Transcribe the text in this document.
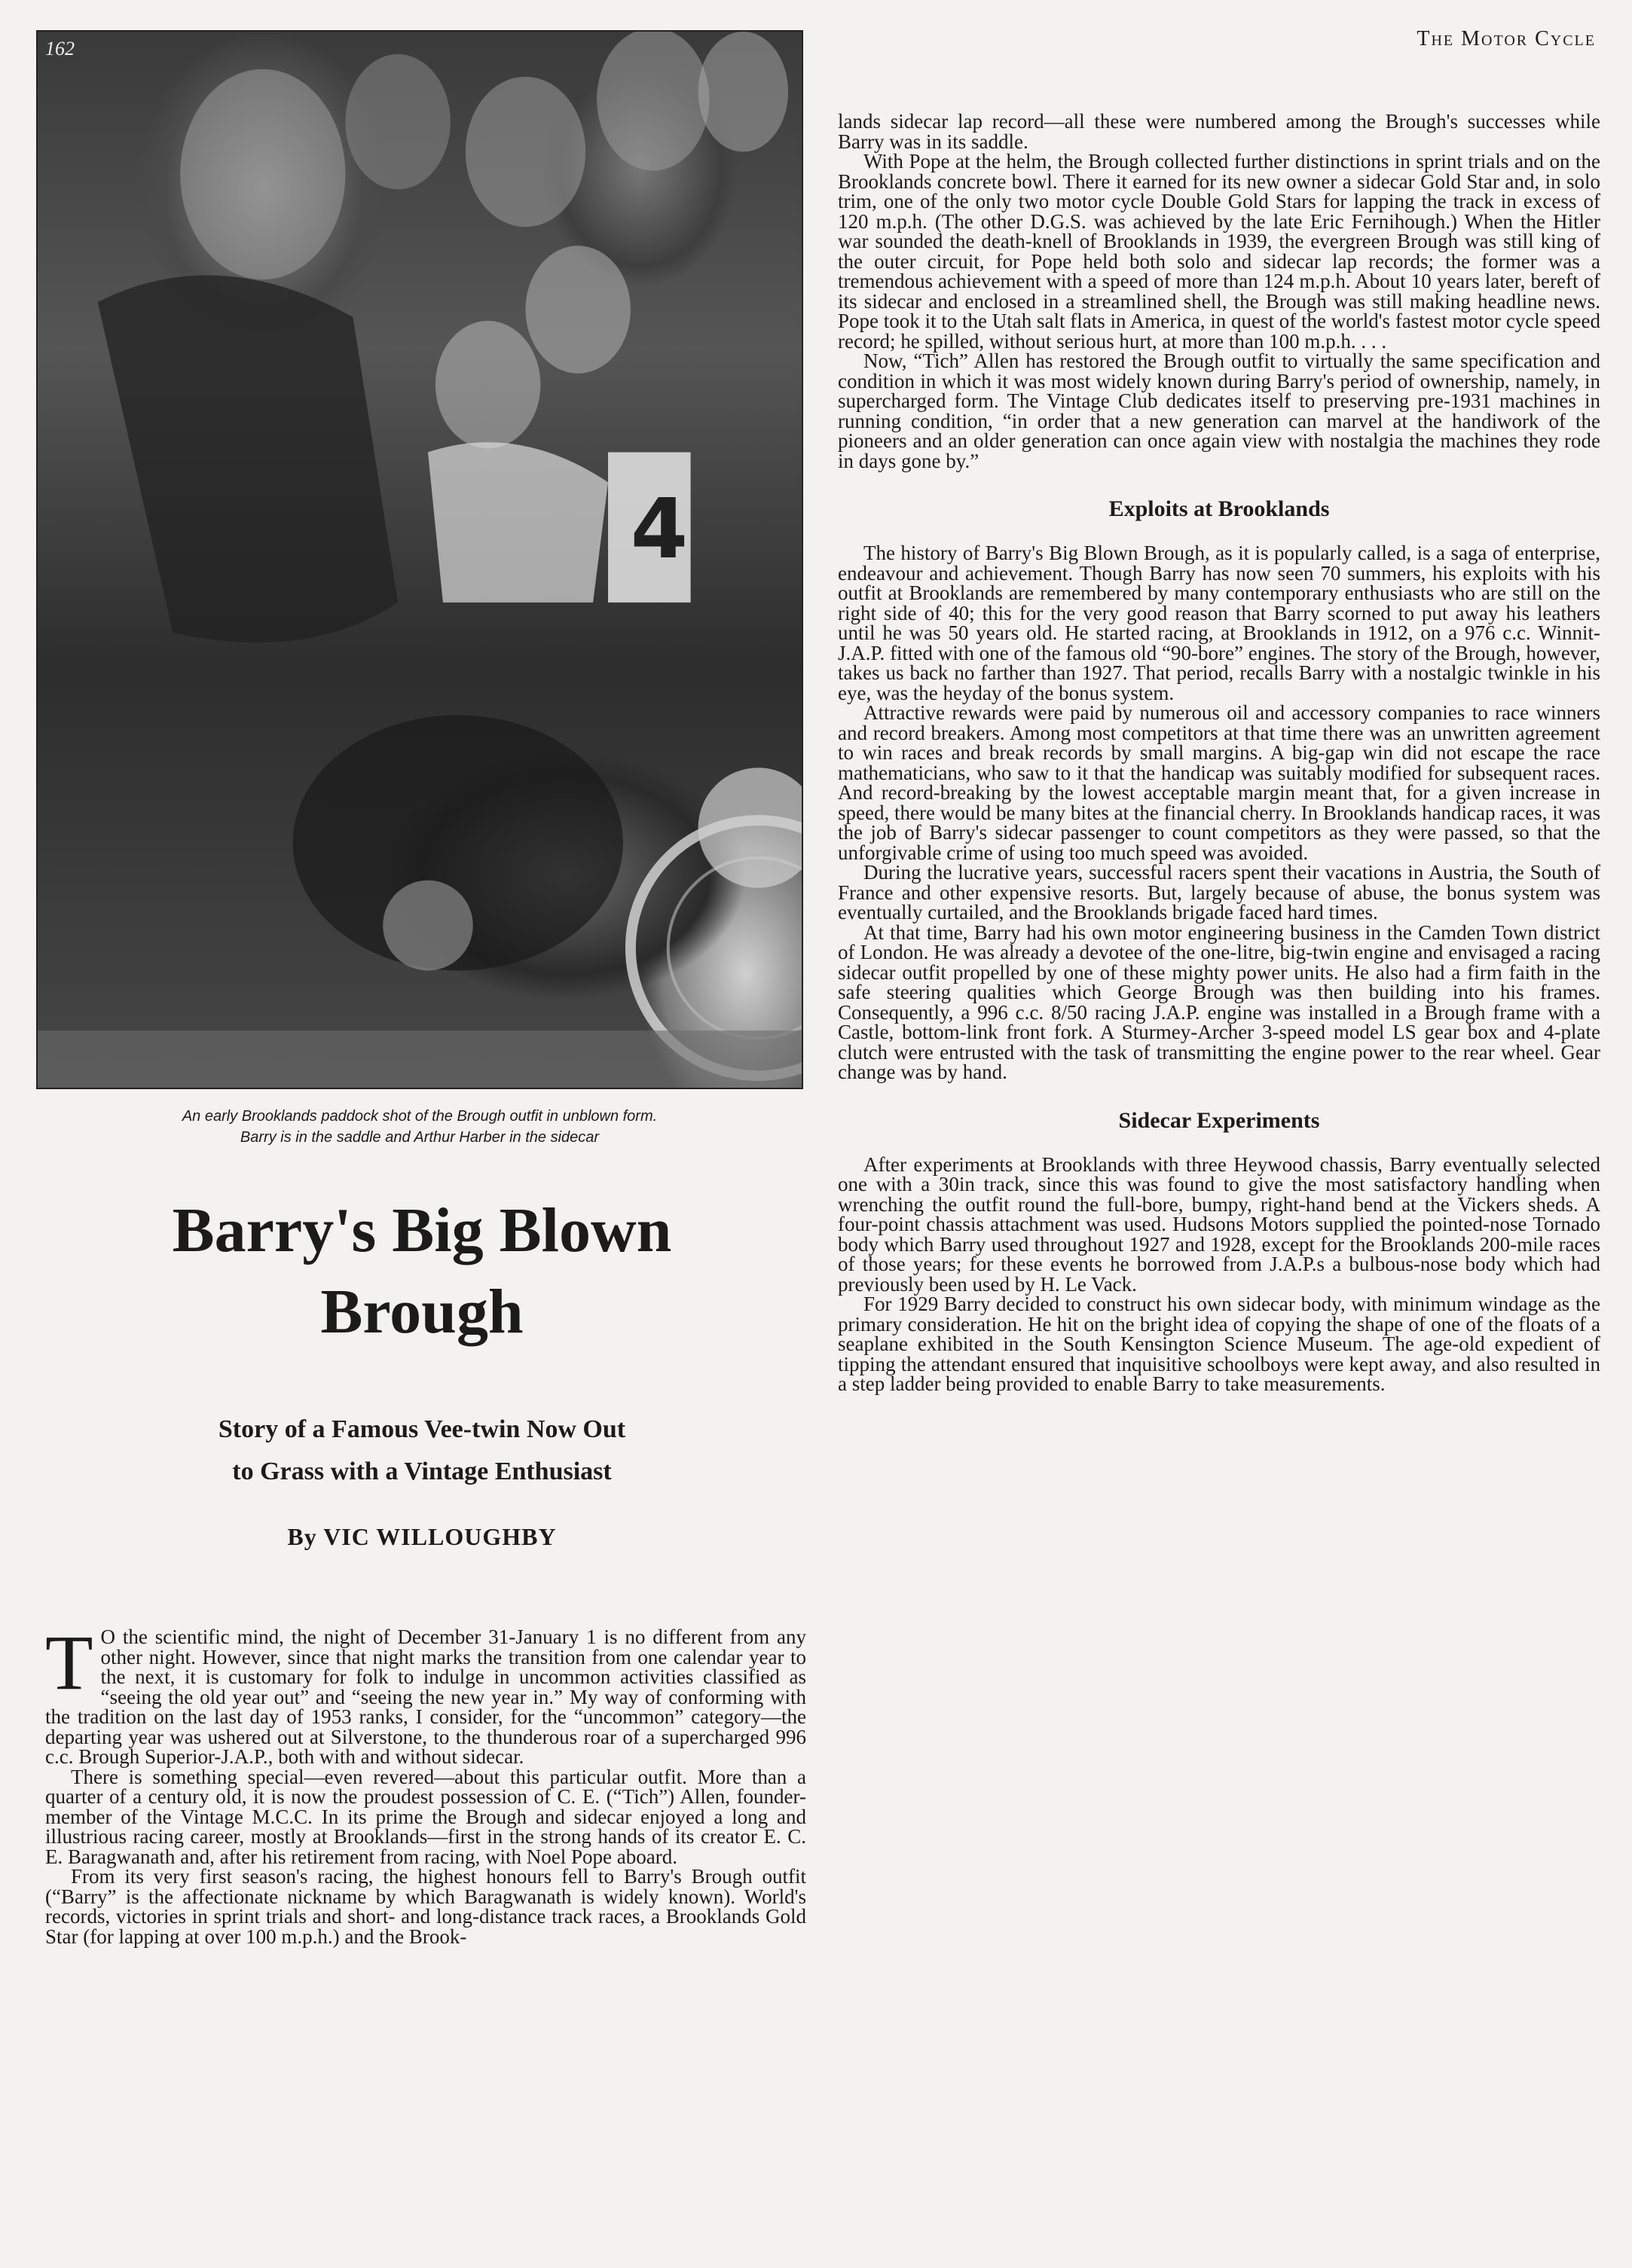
The Motor Cycle
4
162
An early Brooklands paddock shot of the Brough outfit in unblown form.
Barry is in the saddle and Arthur Harber in the sidecar
Barry's Big Blown
Brough
Story of a Famous Vee-twin Now Out
to Grass with a Vintage Enthusiast
By VIC WILLOUGHBY

T O the scientific mind, the night of December 31-January 1 is no different from any other night. However, since that night marks the transition from one calendar year to the next, it is customary for folk to indulge in uncommon activities classified as “seeing the old year out” and “seeing the new year in.” My way of conforming with the tradition on the last day of 1953 ranks, I consider, for the “uncommon” category—the departing year was ushered out at Silverstone, to the thunderous roar of a supercharged 996 c.c. Brough Superior-J.A.P., both with and without sidecar.

There is something special—even revered—about this particular outfit. More than a quarter of a century old, it is now the proudest possession of C. E. (“Tich”) Allen, founder-member of the Vintage M.C.C. In its prime the Brough and sidecar enjoyed a long and illustrious racing career, mostly at Brooklands—first in the strong hands of its creator E. C. E. Baragwanath and, after his retirement from racing, with Noel Pope aboard.

From its very first season's racing, the highest honours fell to Barry's Brough outfit (“Barry” is the affectionate nickname by which Baragwanath is widely known). World's records, victories in sprint trials and short- and long-distance track races, a Brooklands Gold Star (for lapping at over 100 m.p.h.) and the Brook-

lands sidecar lap record—all these were numbered among the Brough's successes while Barry was in its saddle.

With Pope at the helm, the Brough collected further distinctions in sprint trials and on the Brooklands concrete bowl. There it earned for its new owner a sidecar Gold Star and, in solo trim, one of the only two motor cycle Double Gold Stars for lapping the track in excess of 120 m.p.h. (The other D.G.S. was achieved by the late Eric Fernihough.) When the Hitler war sounded the death-knell of Brooklands in 1939, the evergreen Brough was still king of the outer circuit, for Pope held both solo and sidecar lap records; the former was a tremendous achievement with a speed of more than 124 m.p.h. About 10 years later, bereft of its sidecar and enclosed in a streamlined shell, the Brough was still making headline news. Pope took it to the Utah salt flats in America, in quest of the world's fastest motor cycle speed record; he spilled, without serious hurt, at more than 100 m.p.h. . . .

Now, “Tich” Allen has restored the Brough outfit to virtually the same specification and condition in which it was most widely known during Barry's period of ownership, namely, in supercharged form. The Vintage Club dedicates itself to preserving pre-1931 machines in running condition, “in order that a new generation can marvel at the handiwork of the pioneers and an older generation can once again view with nostalgia the machines they rode in days gone by.”

Exploits at Brooklands

The history of Barry's Big Blown Brough, as it is popularly called, is a saga of enterprise, endeavour and achievement. Though Barry has now seen 70 summers, his exploits with his outfit at Brooklands are remembered by many contemporary enthusiasts who are still on the right side of 40; this for the very good reason that Barry scorned to put away his leathers until he was 50 years old. He started racing, at Brooklands in 1912, on a 976 c.c. Winnit-J.A.P. fitted with one of the famous old “90-bore” engines. The story of the Brough, however, takes us back no farther than 1927. That period, recalls Barry with a nostalgic twinkle in his eye, was the heyday of the bonus system.

Attractive rewards were paid by numerous oil and accessory companies to race winners and record breakers. Among most competitors at that time there was an unwritten agreement to win races and break records by small margins. A big-gap win did not escape the race mathematicians, who saw to it that the handicap was suitably modified for subsequent races. And record-breaking by the lowest acceptable margin meant that, for a given increase in speed, there would be many bites at the financial cherry. In Brooklands handicap races, it was the job of Barry's sidecar passenger to count competitors as they were passed, so that the unforgivable crime of using too much speed was avoided.

During the lucrative years, successful racers spent their vacations in Austria, the South of France and other expensive resorts. But, largely because of abuse, the bonus system was eventually curtailed, and the Brooklands brigade faced hard times.

At that time, Barry had his own motor engineering business in the Camden Town district of London. He was already a devotee of the one-litre, big-twin engine and envisaged a racing sidecar outfit propelled by one of these mighty power units. He also had a firm faith in the safe steering qualities which George Brough was then building into his frames. Consequently, a 996 c.c. 8/50 racing J.A.P. engine was installed in a Brough frame with a Castle, bottom-link front fork. A Sturmey-Archer 3-speed model LS gear box and 4-plate clutch were entrusted with the task of transmitting the engine power to the rear wheel. Gear change was by hand.

Sidecar Experiments

After experiments at Brooklands with three Heywood chassis, Barry eventually selected one with a 30in track, since this was found to give the most satisfactory handling when wrenching the outfit round the full-bore, bumpy, right-hand bend at the Vickers sheds. A four-point chassis attachment was used. Hudsons Motors supplied the pointed-nose Tornado body which Barry used throughout 1927 and 1928, except for the Brooklands 200-mile races of those years; for these events he borrowed from J.A.P.s a bulbous-nose body which had previously been used by H. Le Vack.

For 1929 Barry decided to construct his own sidecar body, with minimum windage as the primary consideration. He hit on the bright idea of copying the shape of one of the floats of a seaplane exhibited in the South Kensington Science Museum. The age-old expedient of tipping the attendant ensured that inquisitive schoolboys were kept away, and also resulted in a step ladder being provided to enable Barry to take measurements.
